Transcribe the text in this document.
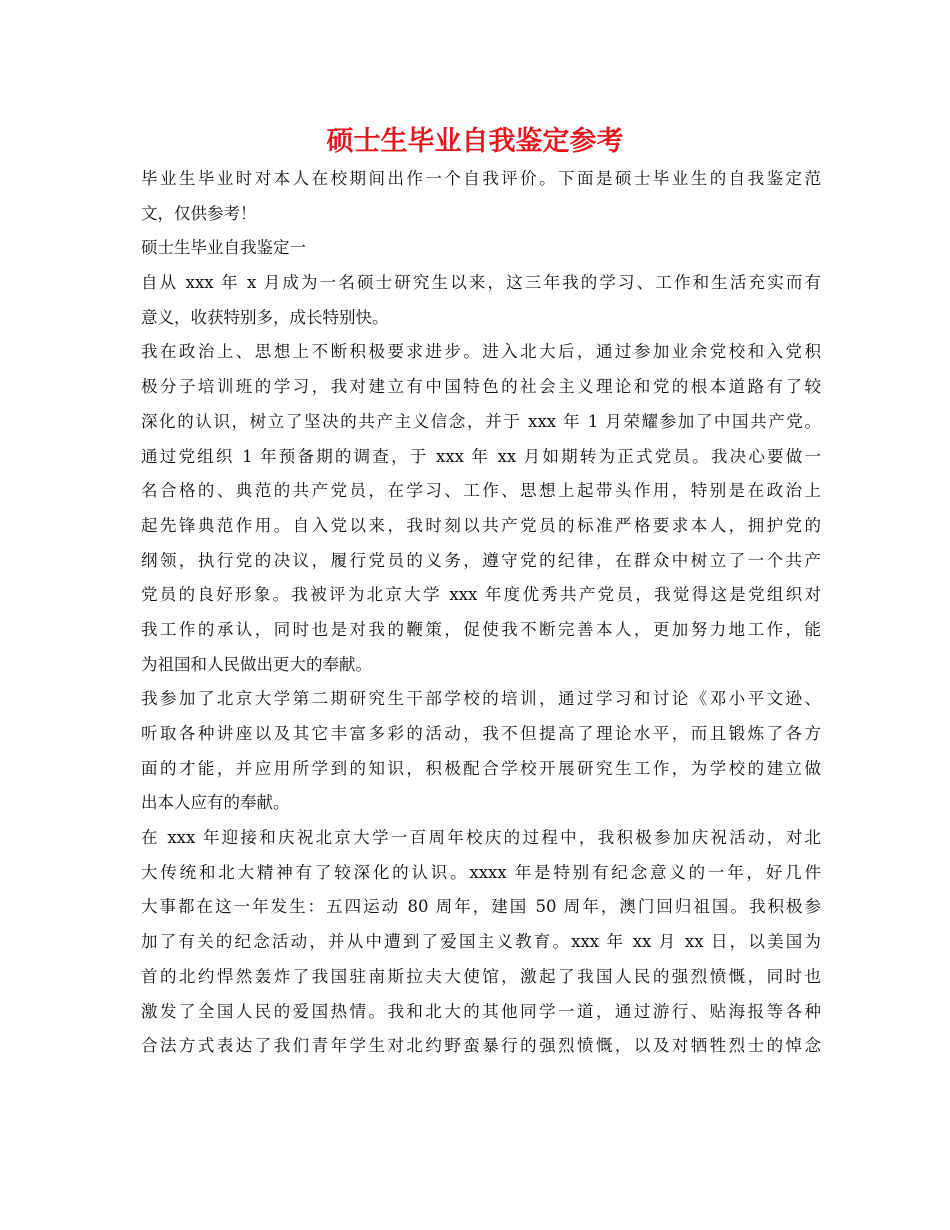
硕士生毕业自我鉴定参考
毕业生毕业时对本人在校期间出作一个自我评价。下面是硕士毕业生的自我鉴定范
文，仅供参考！
硕士生毕业自我鉴定一
自从 xxx 年 x 月成为一名硕士研究生以来，这三年我的学习、工作和生活充实而有
意义，收获特别多，成长特别快。
我在政治上、思想上不断积极要求进步。进入北大后，通过参加业余党校和入党积
极分子培训班的学习，我对建立有中国特色的社会主义理论和党的根本道路有了较
深化的认识，树立了坚决的共产主义信念，并于 xxx 年 1 月荣耀参加了中国共产党。
通过党组织 1 年预备期的调查，于 xxx 年 xx 月如期转为正式党员。我决心要做一
名合格的、典范的共产党员，在学习、工作、思想上起带头作用，特别是在政治上
起先锋典范作用。自入党以来，我时刻以共产党员的标准严格要求本人，拥护党的
纲领，执行党的决议，履行党员的义务，遵守党的纪律，在群众中树立了一个共产
党员的良好形象。我被评为北京大学 xxx 年度优秀共产党员，我觉得这是党组织对
我工作的承认，同时也是对我的鞭策，促使我不断完善本人，更加努力地工作，能
为祖国和人民做出更大的奉献。
我参加了北京大学第二期研究生干部学校的培训，通过学习和讨论《邓小平文逊、
听取各种讲座以及其它丰富多彩的活动，我不但提高了理论水平，而且锻炼了各方
面的才能，并应用所学到的知识，积极配合学校开展研究生工作，为学校的建立做
出本人应有的奉献。
在 xxx 年迎接和庆祝北京大学一百周年校庆的过程中，我积极参加庆祝活动，对北
大传统和北大精神有了较深化的认识。xxxx 年是特别有纪念意义的一年，好几件
大事都在这一年发生：五四运动 80 周年，建国 50 周年，澳门回归祖国。我积极参
加了有关的纪念活动，并从中遭到了爱国主义教育。xxx 年 xx 月 xx 日，以美国为
首的北约悍然轰炸了我国驻南斯拉夫大使馆，激起了我国人民的强烈愤慨，同时也
激发了全国人民的爱国热情。我和北大的其他同学一道，通过游行、贴海报等各种
合法方式表达了我们青年学生对北约野蛮暴行的强烈愤慨，以及对牺牲烈士的悼念
